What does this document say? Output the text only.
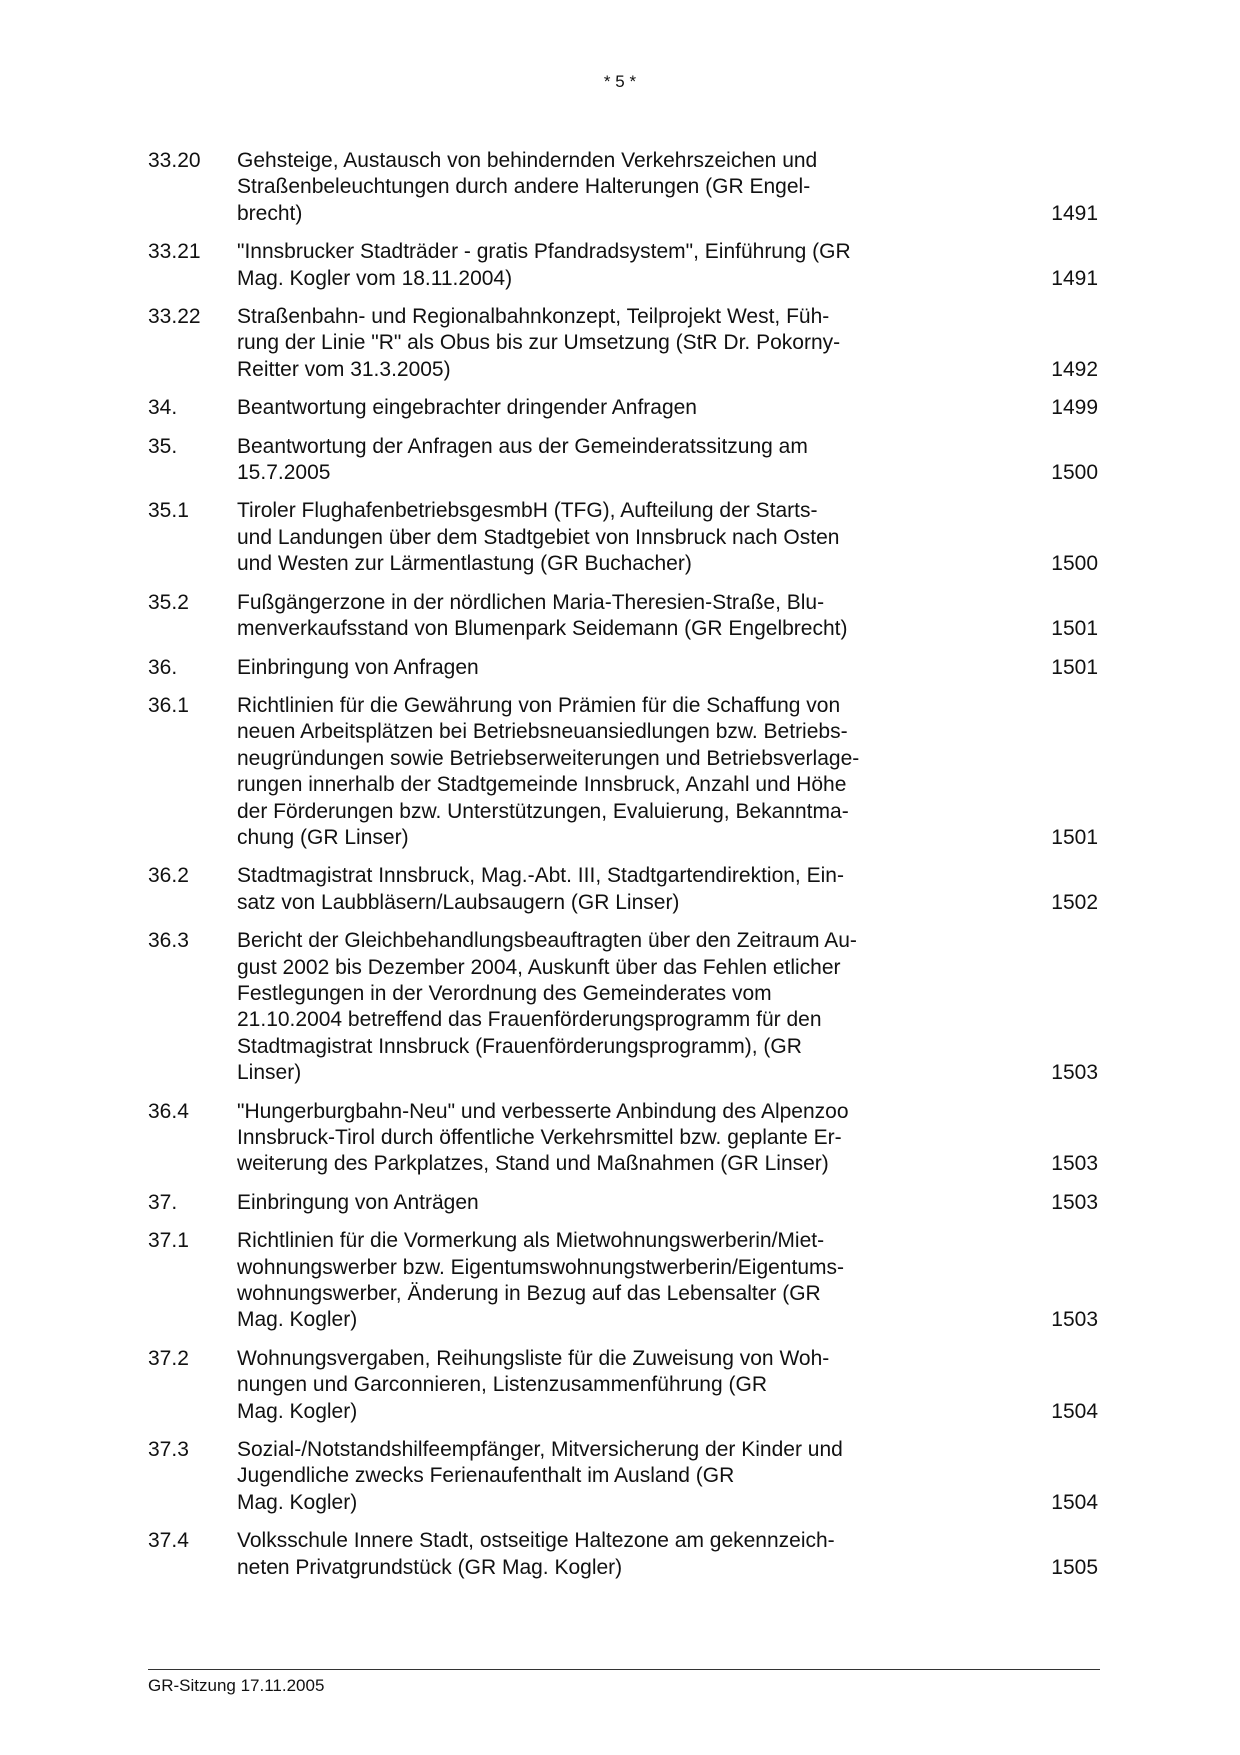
* 5 *
33.20	Gehsteige, Austausch von behindernden Verkehrszeichen und
Straßenbeleuchtungen durch andere Halterungen (GR Engel-
brecht)	1491
33.21	"Innsbrucker Stadträder - gratis Pfandradsystem", Einführung (GR
Mag. Kogler vom 18.11.2004)	1491
33.22	Straßenbahn- und Regionalbahnkonzept, Teilprojekt West, Füh-
rung der Linie "R" als Obus bis zur Umsetzung (StR Dr. Pokorny-
Reitter vom 31.3.2005)	1492
34.	Beantwortung eingebrachter dringender Anfragen	1499
35.	Beantwortung der Anfragen aus der Gemeinderatssitzung am
15.7.2005	1500
35.1	Tiroler FlughafenbetriebsgesmbH (TFG), Aufteilung der Starts-
und Landungen über dem Stadtgebiet von Innsbruck nach Osten
und Westen zur Lärmentlastung (GR Buchacher)	1500
35.2	Fußgängerzone in der nördlichen Maria-Theresien-Straße, Blu-
menverkaufsstand von Blumenpark Seidemann (GR Engelbrecht)	1501
36.	Einbringung von Anfragen	1501
36.1	Richtlinien für die Gewährung von Prämien für die Schaffung von
neuen Arbeitsplätzen bei Betriebsneuansiedlungen bzw. Betriebs-
neugründungen sowie Betriebserweiterungen und Betriebsverlage-
rungen innerhalb der Stadtgemeinde Innsbruck, Anzahl und Höhe
der Förderungen bzw. Unterstützungen, Evaluierung, Bekanntma-
chung (GR Linser)	1501
36.2	Stadtmagistrat Innsbruck, Mag.-Abt. III, Stadtgartendirektion, Ein-
satz von Laubbläsern/Laubsaugern (GR Linser)	1502
36.3	Bericht der Gleichbehandlungsbeauftragten über den Zeitraum Au-
gust 2002 bis Dezember 2004, Auskunft über das Fehlen etlicher
Festlegungen in der Verordnung des Gemeinderates vom
21.10.2004 betreffend das Frauenförderungsprogramm für den
Stadtmagistrat Innsbruck (Frauenförderungsprogramm), (GR
Linser)	1503
36.4	"Hungerburgbahn-Neu" und verbesserte Anbindung des Alpenzoo
Innsbruck-Tirol durch öffentliche Verkehrsmittel bzw. geplante Er-
weiterung des Parkplatzes, Stand und Maßnahmen (GR Linser)	1503
37.	Einbringung von Anträgen	1503
37.1	Richtlinien für die Vormerkung als Mietwohnungswerberin/Miet-
wohnungswerber bzw. Eigentumswohnungstwerberin/Eigentums-
wohnungswerber, Änderung in Bezug auf das Lebensalter (GR
Mag. Kogler)	1503
37.2	Wohnungsvergaben, Reihungsliste für die Zuweisung von Woh-
nungen und Garconnieren, Listenzusammenführung (GR
Mag. Kogler)	1504
37.3	Sozial-/Notstandshilfeempfänger, Mitversicherung der Kinder und
Jugendliche zwecks Ferienaufenthalt im Ausland (GR
Mag. Kogler)	1504
37.4	Volksschule Innere Stadt, ostseitige Haltezone am gekennzeich-
neten Privatgrundstück (GR Mag. Kogler)	1505
GR-Sitzung 17.11.2005
